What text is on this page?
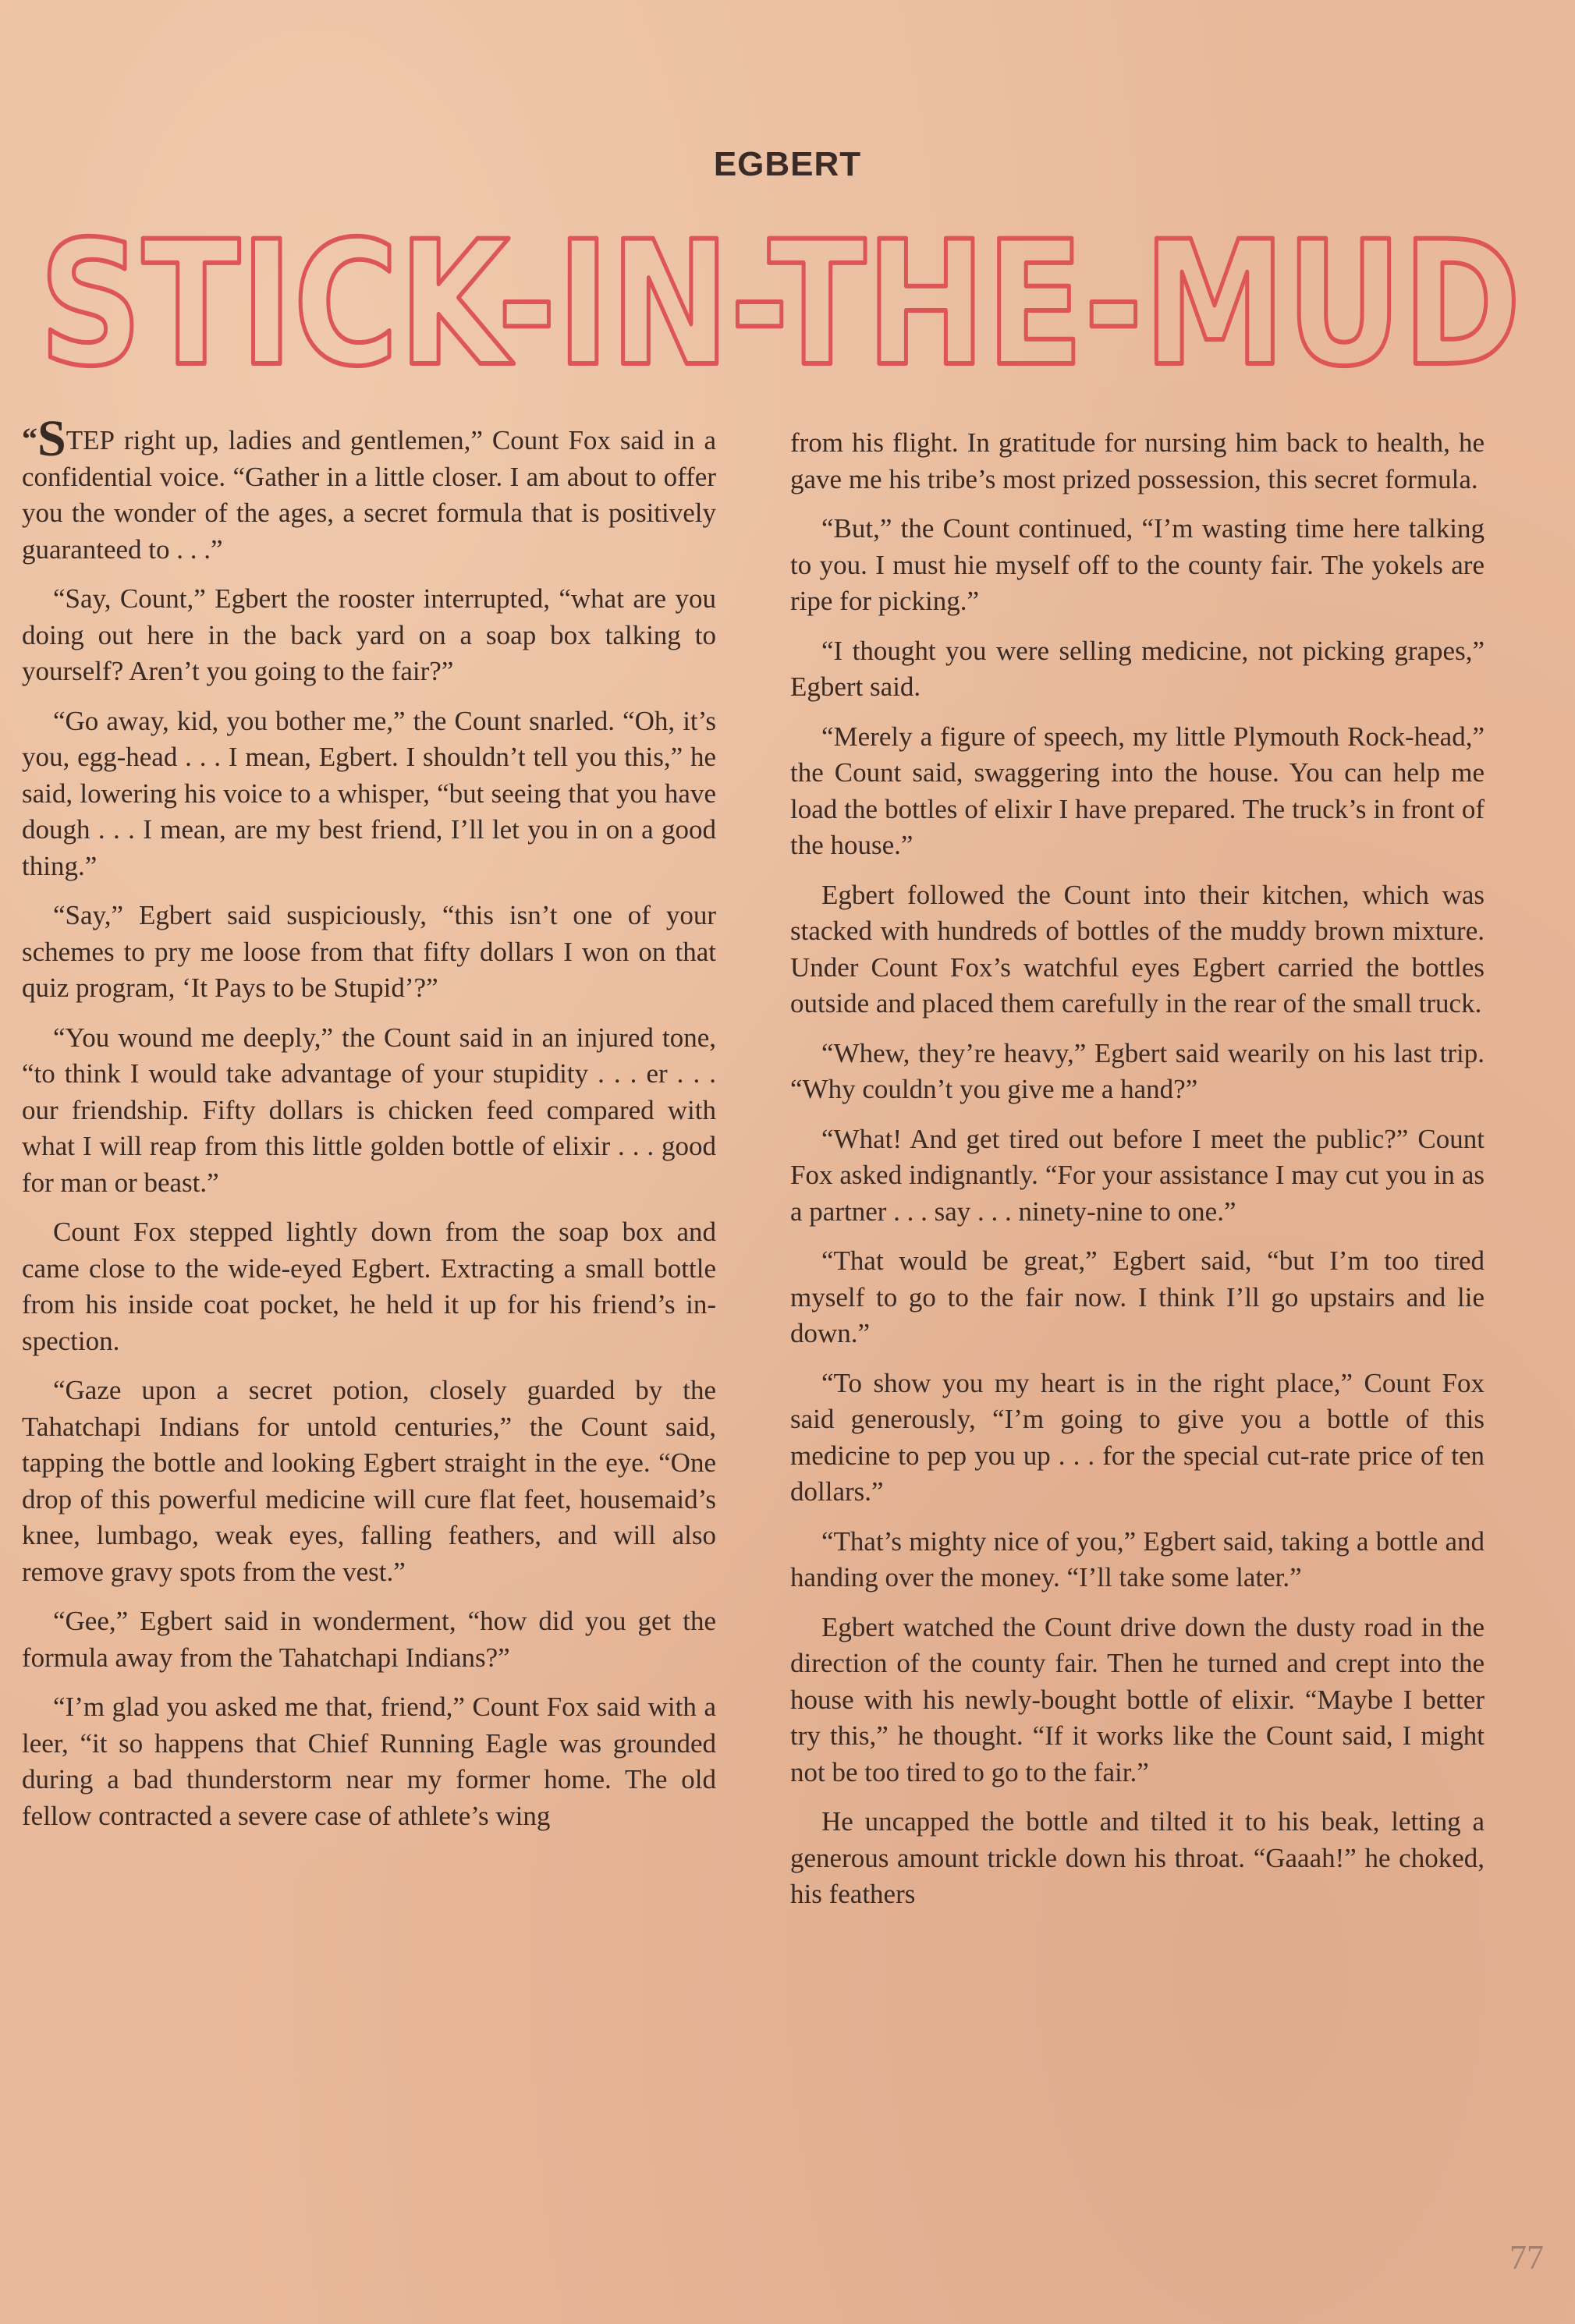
EGBERT
STICK-IN-THE-MUD

“STEP right up, ladies and gentlemen,” Count Fox said in a confidential voice. “Gather in a little closer. I am about to offer you the wonder of the ages, a secret formula that is positively guaranteed to . . .”

“Say, Count,” Egbert the rooster interrupted, “what are you doing out here in the back yard on a soap box talking to yourself? Aren’t you going to the fair?”

“Go away, kid, you bother me,” the Count snarled. “Oh, it’s you, egg-head . . . I mean, Egbert. I shouldn’t tell you this,” he said, lowering his voice to a whisper, “but seeing that you have dough . . . I mean, are my best friend, I’ll let you in on a good thing.”

“Say,” Egbert said suspiciously, “this isn’t one of your schemes to pry me loose from that fifty dollars I won on that quiz program, ‘It Pays to be Stupid’?”

“You wound me deeply,” the Count said in an injured tone, “to think I would take advantage of your stupidity . . . er . . . our friendship. Fifty dollars is chicken feed compared with what I will reap from this little golden bottle of elixir . . . good for man or beast.”

Count Fox stepped lightly down from the soap box and came close to the wide-eyed Egbert. Extracting a small bottle from his inside coat pocket, he held it up for his friend’s inspection.

“Gaze upon a secret potion, closely guarded by the Tahatchapi Indians for untold centuries,” the Count said, tapping the bottle and looking Egbert straight in the eye. “One drop of this powerful medicine will cure flat feet, housemaid’s knee, lumbago, weak eyes, falling feathers, and will also remove gravy spots from the vest.”

“Gee,” Egbert said in wonderment, “how did you get the formula away from the Tahatchapi Indians?”

“I’m glad you asked me that, friend,” Count Fox said with a leer, “it so happens that Chief Running Eagle was grounded during a bad thunderstorm near my former home. The old fellow contracted a severe case of athlete’s wing

from his flight. In gratitude for nursing him back to health, he gave me his tribe’s most prized possession, this secret formula.

“But,” the Count continued, “I’m wasting time here talking to you. I must hie myself off to the county fair. The yokels are ripe for picking.”

“I thought you were selling medicine, not picking grapes,” Egbert said.

“Merely a figure of speech, my little Plymouth Rock-head,” the Count said, swaggering into the house. You can help me load the bottles of elixir I have prepared. The truck’s in front of the house.”

Egbert followed the Count into their kitchen, which was stacked with hundreds of bottles of the muddy brown mixture. Under Count Fox’s watchful eyes Egbert carried the bottles outside and placed them carefully in the rear of the small truck.

“Whew, they’re heavy,” Egbert said wearily on his last trip. “Why couldn’t you give me a hand?”

“What! And get tired out before I meet the public?” Count Fox asked indignantly. “For your assistance I may cut you in as a partner . . . say . . . ninety-nine to one.”

“That would be great,” Egbert said, “but I’m too tired myself to go to the fair now. I think I’ll go upstairs and lie down.”

“To show you my heart is in the right place,” Count Fox said generously, “I’m going to give you a bottle of this medicine to pep you up . . . for the special cut-rate price of ten dollars.”

“That’s mighty nice of you,” Egbert said, taking a bottle and handing over the money. “I’ll take some later.”

Egbert watched the Count drive down the dusty road in the direction of the county fair. Then he turned and crept into the house with his newly-bought bottle of elixir. “Maybe I better try this,” he thought. “If it works like the Count said, I might not be too tired to go to the fair.”

He uncapped the bottle and tilted it to his beak, letting a generous amount trickle down his throat. “Gaaah!” he choked, his feathers

77
